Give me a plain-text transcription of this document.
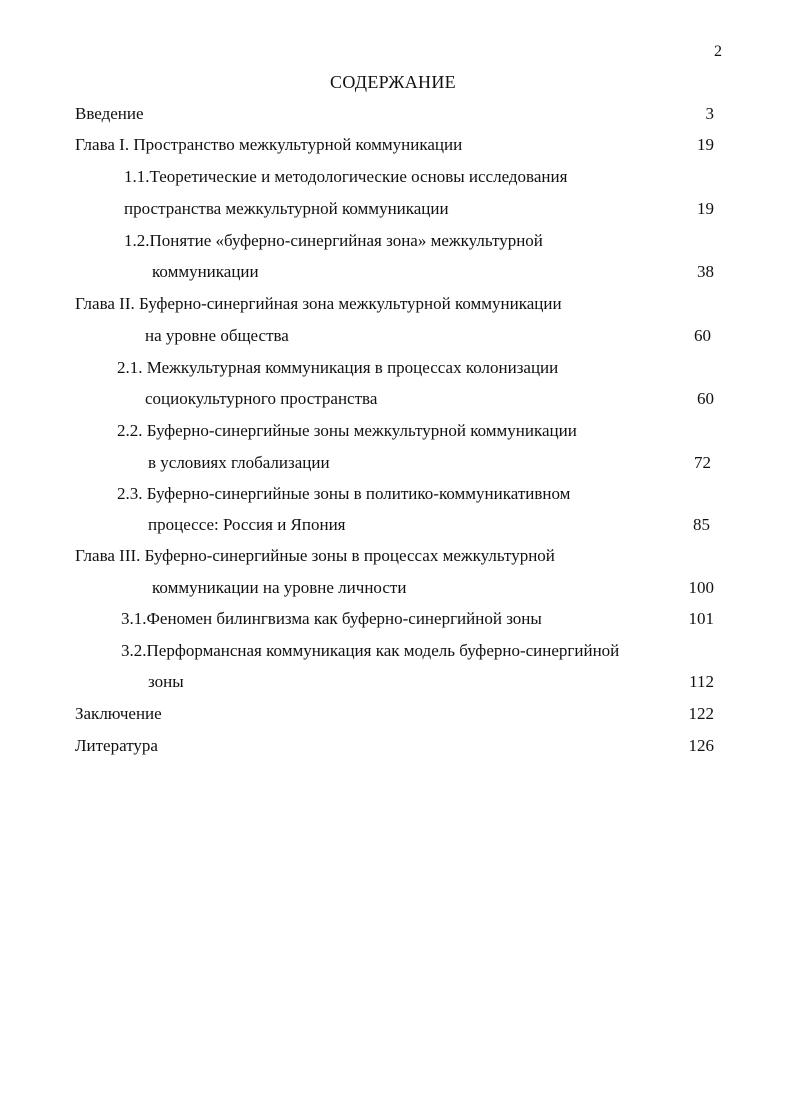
2
СОДЕРЖАНИЕ
Введение	3
Глава I. Пространство межкультурной коммуникации	19
1.1.Теоретические и методологические основы исследования
пространства межкультурной коммуникации	19
1.2.Понятие «буферно-синергийная зона» межкультурной
коммуникации	38
Глава II. Буферно-синергийная зона межкультурной коммуникации
на уровне общества	60
2.1. Межкультурная коммуникация в процессах колонизации
социокультурного пространства	60
2.2. Буферно-синергийные зоны межкультурной коммуникации
в условиях глобализации	72
2.3. Буферно-синергийные зоны в политико-коммуникативном
процессе: Россия и Япония	85
Глава III. Буферно-синергийные зоны в процессах межкультурной
коммуникации на уровне личности	100
3.1.Феномен билингвизма как буферно-синергийной зоны	101
3.2.Перформансная коммуникация как модель буферно-синергийной
зоны	112
Заключение	122
Литература	126
